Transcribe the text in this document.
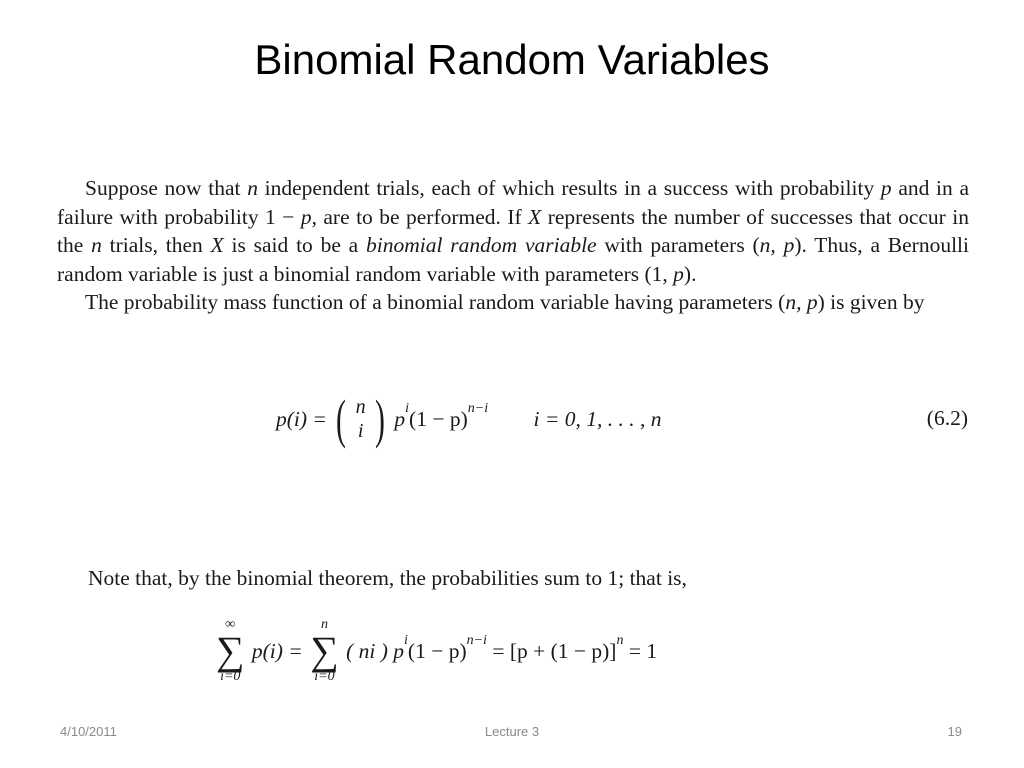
Binomial Random Variables

Suppose now that n independent trials, each of which results in a success with probability p and in a failure with probability 1 − p, are to be performed. If X represents the number of successes that occur in the n trials, then X is said to be a binomial random variable with parameters (n, p). Thus, a Bernoulli random variable is just a binomial random variable with parameters (1, p).

The probability mass function of a binomial random variable having parameters (n, p) is given by

p(i) = ( n
i ) pi(1 − p)n−i i = 0, 1, . . . , n	(6.2)
Note that, by the binomial theorem, the probabilities sum to 1; that is,
∞
∑
i=0
p(i) =
n
∑
i=0
( ni ) pi(1 − p)n−i = [p + (1 − p)]n = 1
4/10/2011	Lecture 3	19
